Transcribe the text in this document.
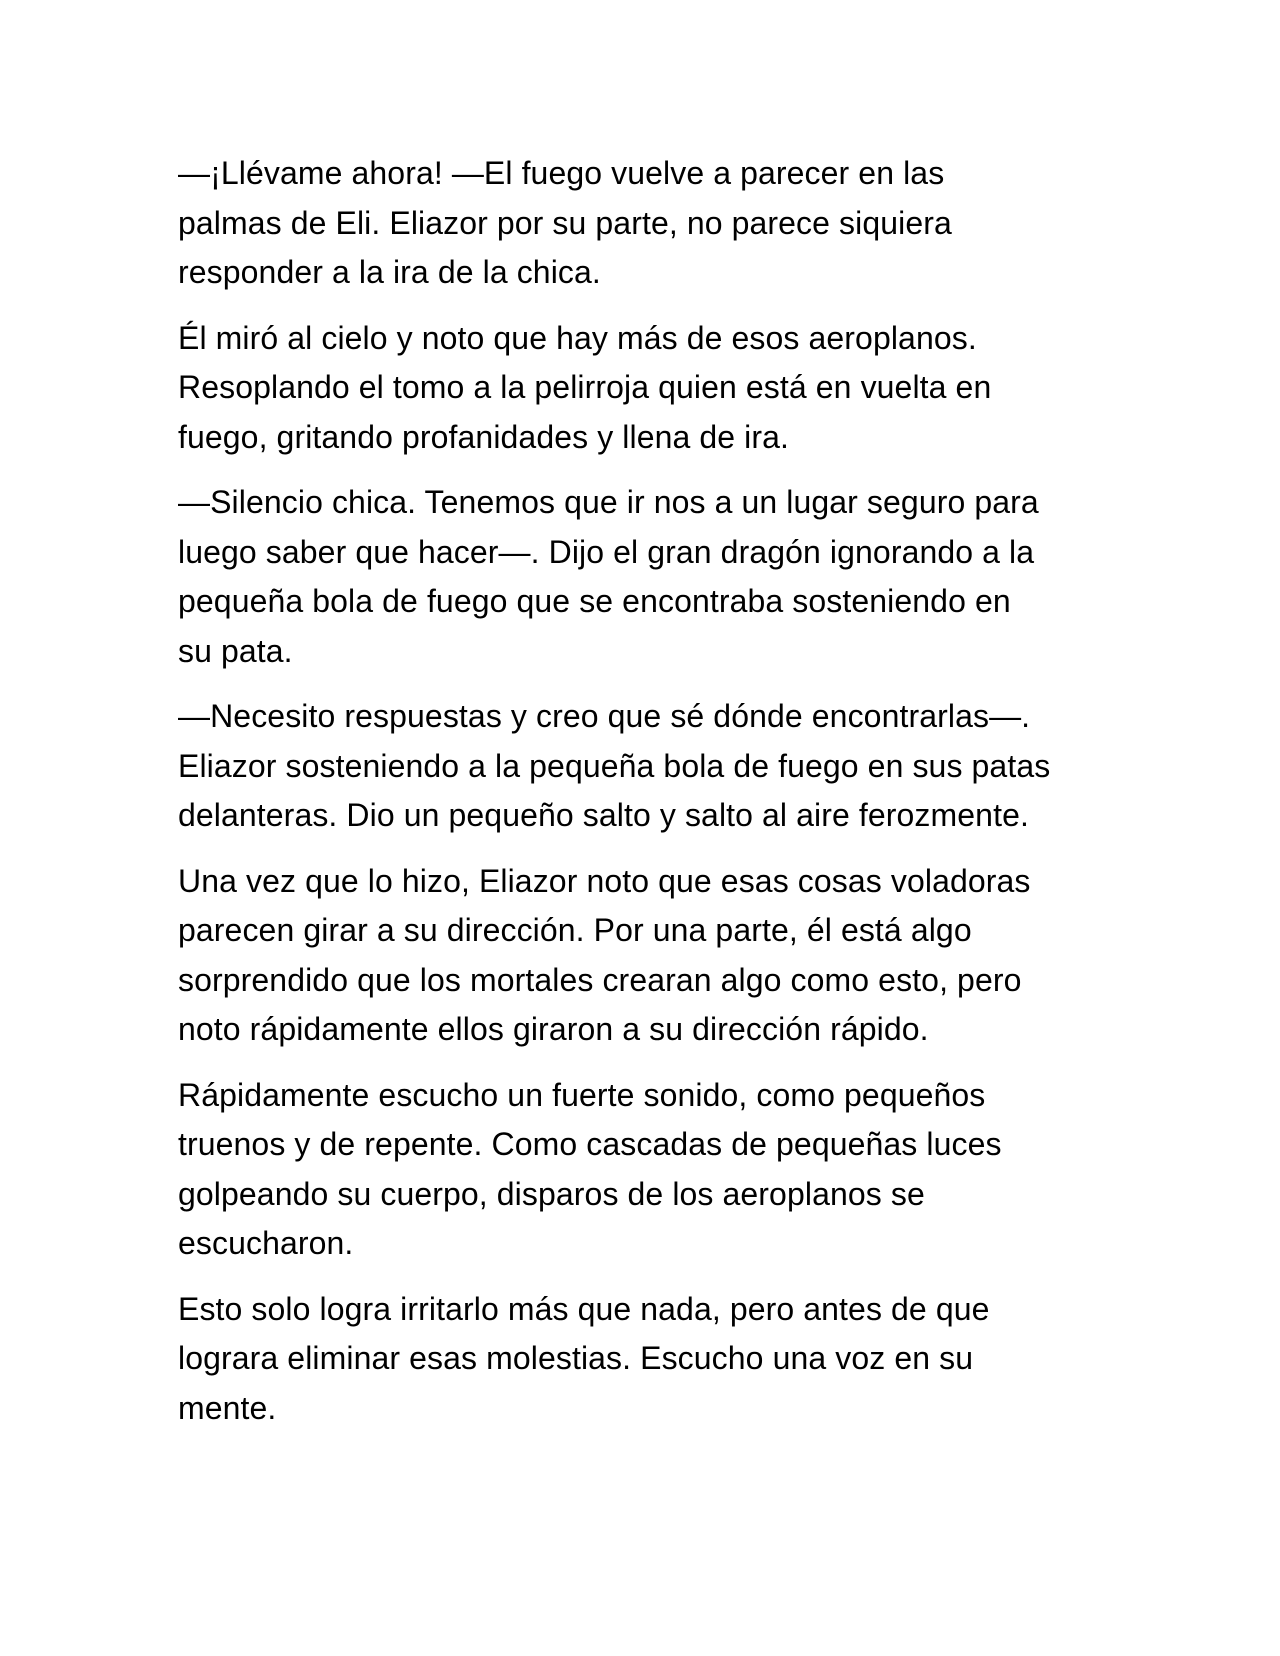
—¡Llévame ahora! —El fuego vuelve a parecer en las
palmas de Eli. Eliazor por su parte, no parece siquiera
responder a la ira de la chica.

Él miró al cielo y noto que hay más de esos aeroplanos.
Resoplando el tomo a la pelirroja quien está en vuelta en
fuego, gritando profanidades y llena de ira.

—Silencio chica. Tenemos que ir nos a un lugar seguro para
luego saber que hacer—. Dijo el gran dragón ignorando a la
pequeña bola de fuego que se encontraba sosteniendo en
su pata.

—Necesito respuestas y creo que sé dónde encontrarlas—.
Eliazor sosteniendo a la pequeña bola de fuego en sus patas
delanteras. Dio un pequeño salto y salto al aire ferozmente.

Una vez que lo hizo, Eliazor noto que esas cosas voladoras
parecen girar a su dirección. Por una parte, él está algo
sorprendido que los mortales crearan algo como esto, pero
noto rápidamente ellos giraron a su dirección rápido.

Rápidamente escucho un fuerte sonido, como pequeños
truenos y de repente. Como cascadas de pequeñas luces
golpeando su cuerpo, disparos de los aeroplanos se
escucharon.

Esto solo logra irritarlo más que nada, pero antes de que
lograra eliminar esas molestias. Escucho una voz en su
mente.
